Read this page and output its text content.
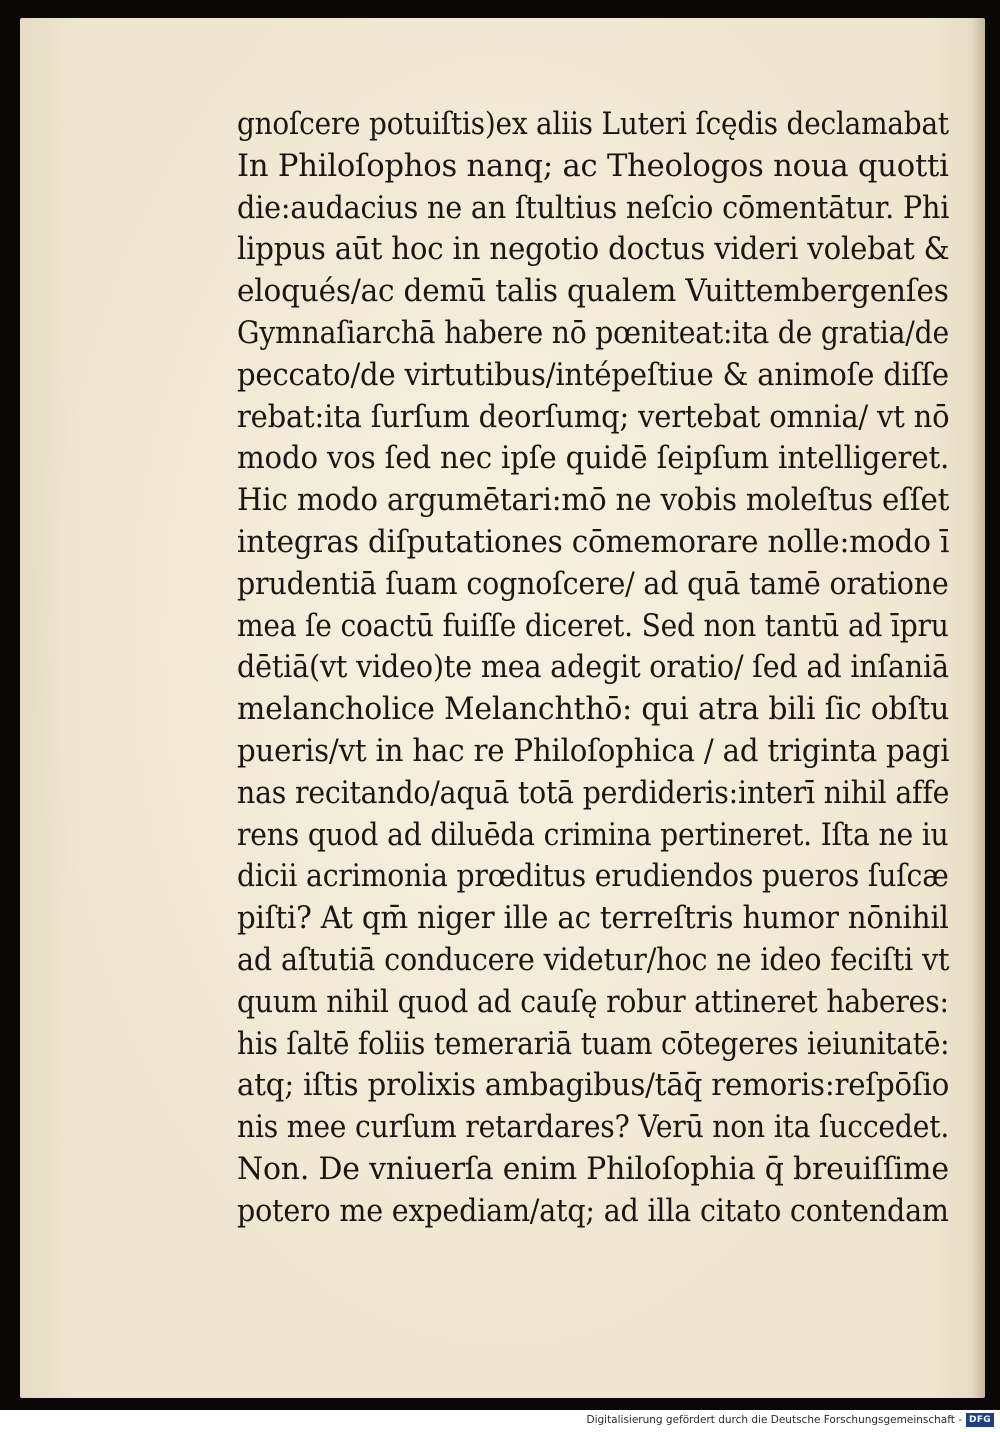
gnoſcere potuiſtis)ex aliis Luteri ſcędis declamabat
In Philoſophos nanq; ac Theologos noua quotti
die:audacius ne an ſtultius neſcio cōmentātur. Phi
lippus aūt hoc in negotio doctus videri volebat &
eloqués/ac demū talis qualem Vuittembergenſes
Gymnaſiarchā habere nō pœniteat:ita de gratia/de
peccato/de virtutibus/intépeſtiue & animoſe diſſe
rebat:ita ſurſum deorſumq; vertebat omnia/ vt nō
modo vos ſed nec ipſe quidē ſeipſum intelligeret.
Hic modo argumētari:mō ne vobis moleſtus eſſet
integras diſputationes cōmemorare nolle:modo ī
prudentiā ſuam cognoſcere/ ad quā tamē oratione
mea ſe coactū fuiſſe diceret. Sed non tantū ad īpru
dētiā(vt video)te mea adegit oratio/ ſed ad inſaniā
melancholice Melanchthō: qui atra bili ſic obſtu
pueris/vt in hac re Philoſophica / ad triginta pagi
nas recitando/aquā totā perdideris:interī nihil affe
rens quod ad diluēda crimina pertineret. Iſta ne iu
dicii acrimonia prœditus erudiendos pueros ſuſcæ
piſti? At qm̄ niger ille ac terreſtris humor nōnihil
ad aſtutiā conducere videtur/hoc ne ideo feciſti vt
quum nihil quod ad cauſę robur attineret haberes:
his ſaltē foliis temerariā tuam cōtegeres ieiunitatē:
atq; iſtis prolixis ambagibus/tāq̄ remoris:reſpōſio
nis mee curſum retardares? Verū non ita ſuccedet.
Non. De vniuerſa enim Philoſophia q̄ breuiſſime
potero me expediam/atq; ad illa citato contendam
Digitalisierung gefördert durch die Deutsche Forschungsgemeinschaft - DFG
